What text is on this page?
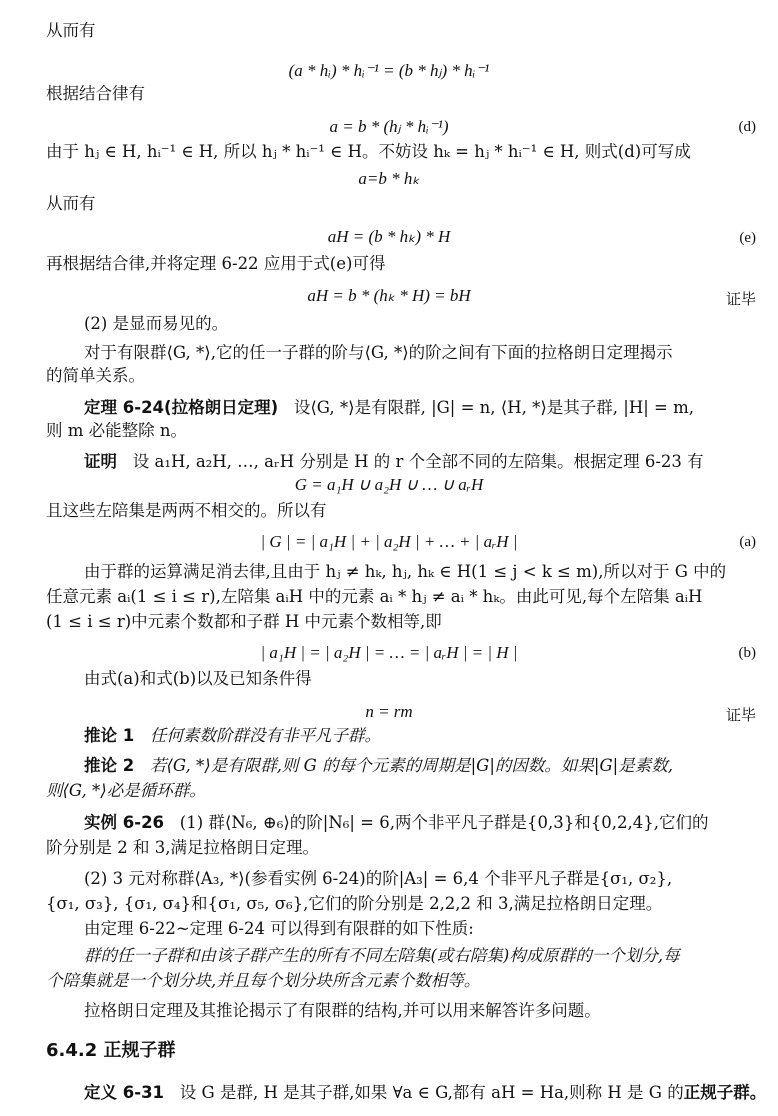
从而有
(a * hᵢ) * hᵢ⁻¹ = (b * hⱼ) * hᵢ⁻¹
根据结合律有
a = b * (hⱼ * hᵢ⁻¹)	(d)
由于 hⱼ ∈ H, hᵢ⁻¹ ∈ H, 所以 hⱼ * hᵢ⁻¹ ∈ H。不妨设 hₖ = hⱼ * hᵢ⁻¹ ∈ H, 则式(d)可写成
a=b * hₖ
从而有
aH = (b * hₖ) * H	(e)
再根据结合律,并将定理 6-22 应用于式(e)可得
aH = b * (hₖ * H) = bH	证毕
(2) 是显而易见的。
对于有限群⟨G, *⟩,它的任一子群的阶与⟨G, *⟩的阶之间有下面的拉格朗日定理揭示
的简单关系。
定理 6-24(拉格朗日定理) 设⟨G, *⟩是有限群, |G| = n, ⟨H, *⟩是其子群, |H| = m,
则 m 必能整除 n。
证明 设 a₁H, a₂H, …, aᵣH 分别是 H 的 r 个全部不同的左陪集。根据定理 6-23 有
G = a₁H ∪ a₂H ∪ … ∪ aᵣH
且这些左陪集是两两不相交的。所以有
| G | = | a₁H | + | a₂H | + … + | aᵣH |	(a)
由于群的运算满足消去律,且由于 hⱼ ≠ hₖ, hⱼ, hₖ ∈ H(1 ≤ j < k ≤ m),所以对于 G 中的
任意元素 aᵢ(1 ≤ i ≤ r),左陪集 aᵢH 中的元素 aᵢ * hⱼ ≠ aᵢ * hₖ。由此可见,每个左陪集 aᵢH
(1 ≤ i ≤ r)中元素个数都和子群 H 中元素个数相等,即
| a₁H | = | a₂H | = … = | aᵣH | = | H |	(b)
由式(a)和式(b)以及已知条件得
n = rm	证毕
推论 1 任何素数阶群没有非平凡子群。
推论 2 若⟨G, *⟩是有限群,则 G 的每个元素的周期是|G|的因数。如果|G|是素数,
则⟨G, *⟩必是循环群。
实例 6-26 (1) 群⟨N₆, ⊕₆⟩的阶|N₆| = 6,两个非平凡子群是{0,3}和{0,2,4},它们的
阶分别是 2 和 3,满足拉格朗日定理。
(2) 3 元对称群⟨A₃, *⟩(参看实例 6-24)的阶|A₃| = 6,4 个非平凡子群是{σ₁, σ₂},
{σ₁, σ₃}, {σ₁, σ₄}和{σ₁, σ₅, σ₆},它们的阶分别是 2,2,2 和 3,满足拉格朗日定理。
由定理 6-22~定理 6-24 可以得到有限群的如下性质:
群的任一子群和由该子群产生的所有不同左陪集(或右陪集)构成原群的一个划分,每
个陪集就是一个划分块,并且每个划分块所含元素个数相等。
拉格朗日定理及其推论揭示了有限群的结构,并可以用来解答许多问题。
6.4.2 正规子群
定义 6-31 设 G 是群, H 是其子群,如果 ∀a ∈ G,都有 aH = Ha,则称 H 是 G 的正规子群。
